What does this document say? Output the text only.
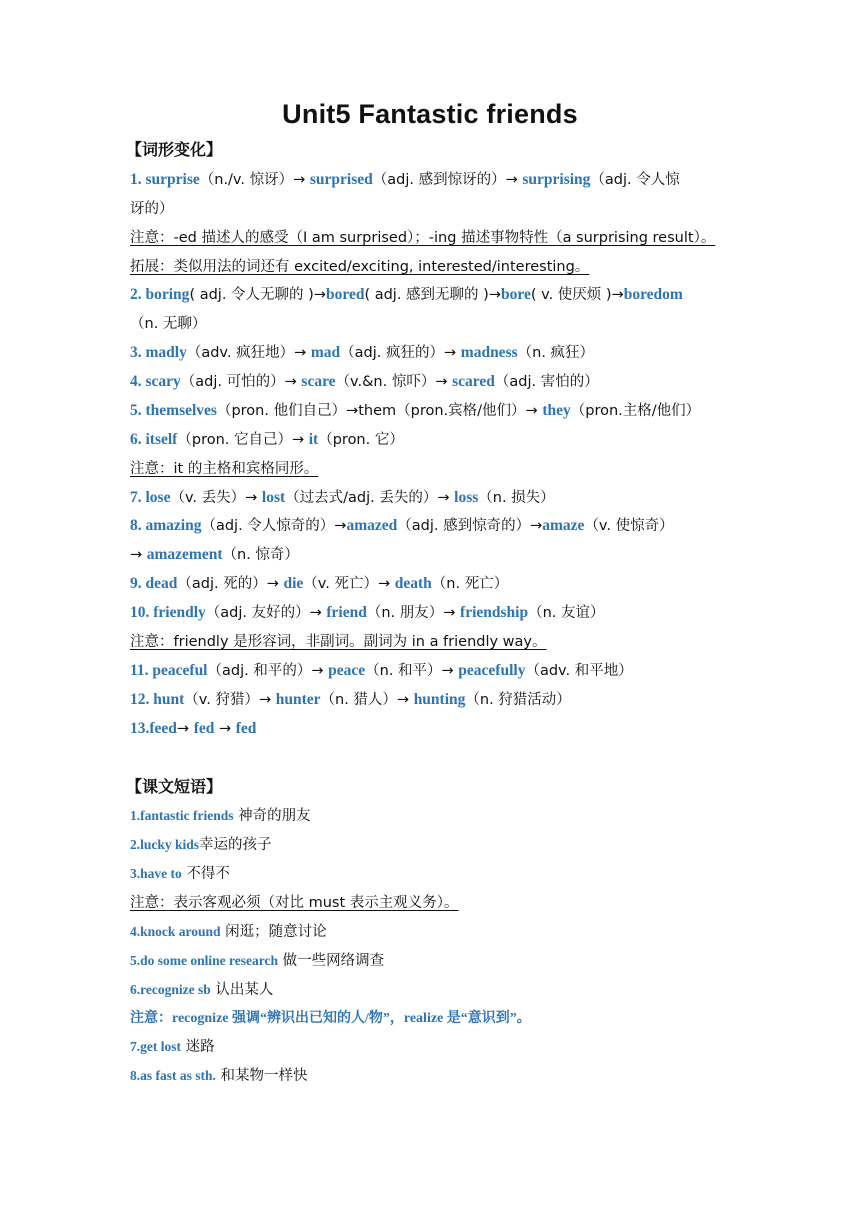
Unit5 Fantastic friends
【词形变化】
1. surprise（n./v. 惊讶）→ surprised（adj. 感到惊讶的）→ surprising（adj. 令人惊
讶的）
注意：-ed 描述人的感受（I am surprised）；-ing 描述事物特性（a surprising result）。
拓展：类似用法的词还有 excited/exciting, interested/interesting。
2. boring( adj. 令人无聊的 )→bored( adj. 感到无聊的 )→bore( v. 使厌烦 )→boredom
（n. 无聊）
3. madly（adv. 疯狂地）→ mad（adj. 疯狂的）→ madness（n. 疯狂）
4. scary（adj. 可怕的）→ scare（v.&n. 惊吓）→ scared（adj. 害怕的）
5. themselves（pron. 他们自己）→them（pron.宾格/他们）→ they（pron.主格/他们）
6. itself（pron. 它自己）→ it（pron. 它）
注意：it 的主格和宾格同形。
7. lose（v. 丢失）→ lost（过去式/adj. 丢失的）→ loss（n. 损失）
8. amazing（adj. 令人惊奇的）→amazed（adj. 感到惊奇的）→amaze（v. 使惊奇）
→ amazement（n. 惊奇）
9. dead（adj. 死的）→ die（v. 死亡）→ death（n. 死亡）
10. friendly（adj. 友好的）→ friend（n. 朋友）→ friendship（n. 友谊）
注意：friendly 是形容词，非副词。副词为 in a friendly way。
11. peaceful（adj. 和平的）→ peace（n. 和平）→ peacefully（adv. 和平地）
12. hunt（v. 狩猎）→ hunter（n. 猎人）→ hunting（n. 狩猎活动）
13.feed→ fed → fed
【课文短语】
1.fantastic friends 神奇的朋友
2.lucky kids幸运的孩子
3.have to 不得不
注意：表示客观必须（对比 must 表示主观义务）。
4.knock around 闲逛；随意讨论
5.do some online research 做一些网络调查
6.recognize sb 认出某人
注意：recognize 强调“辨识出已知的人/物”，realize 是“意识到”。
7.get lost 迷路
8.as fast as sth. 和某物一样快
